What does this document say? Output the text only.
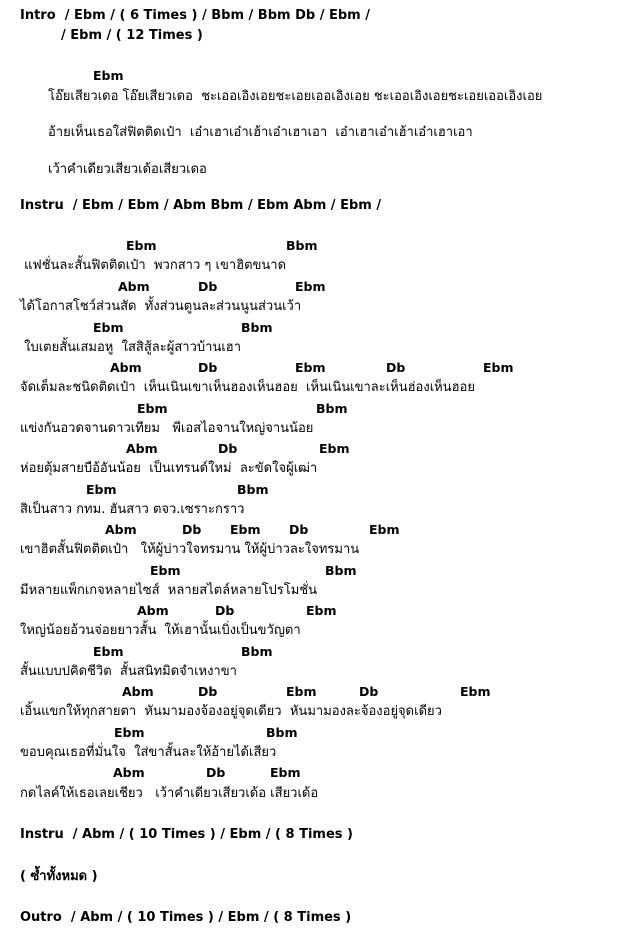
Intro  / Ebm / ( 6 Times ) / Bbm / Bbm Db / Ebm /
/ Ebm / ( 12 Times )
Ebm
โอ๊ยเสียวเดอ โอ๊ยเสียวเดอ  ชะเออเอิงเอยชะเอยเออเอิงเอย ชะเออเอิงเอยชะเอยเออเอิงเอย
อ้ายเห็นเธอใส่ฟิตติดเป๋า  เอ๋าเฮาเอ๋าเฮ้าเอ๋าเฮาเอา  เอ๋าเฮาเอ๋าเฮ้าเอ๋าเฮาเอา
เว้าคำเดียวเสียวเด้อเสียวเดอ
Instru  / Ebm / Ebm / Abm Bbm / Ebm Abm / Ebm /
Ebm	Bbm
แฟชั่นละสั้นฟิตติดเป๋า  พวกสาว ๆ เขาฮิตขนาด
Abm	Db	Ebm
ได้โอกาสโชว์ส่วนสัด  ทั้งส่วนตูนละส่วนนูนส่วนเว้า
Ebm	Bbm
ใบเตยสั้นเสมอหู  ใสสิสู้ละผู้สาวบ้านเฮา
Abm	Db	Ebm	Db	Ebm
จัดเต็มละชนิดติดเป๋า  เห็นเนินเขาเห็นฮองเห็นฮอย  เห็นเนินเขาละเห็นฮ่องเห็นฮอย
Ebm	Bbm
แข่งกันอวดจานดาวเทียม   พีเอสไอจานใหญ่จานน้อย
Abm	Db	Ebm
ห่อยตุ้มสายบือ้อันน้อย  เป็นเทรนด์ใหม่  ละขัดใจผู้เฒ่า
Ebm	Bbm
สิเป็นสาว กทม. ฮันสาว ตจว.เซราะกราว
Abm	Db Ebm Db	Ebm
เขาฮิตสั้นฟิตติดเป๋า   ให้ผู้บ่าวใจทรมาน ให้ผู้บ่าวละใจทรมาน
Ebm	Bbm
มีหลายแพ็กเกจหลายไซส์  หลายสไตล์หลายโปรโมชั่น
Abm	Db	Ebm
ใหญ่น้อยอ้วนจ่อยยาวสั้น  ให้เฮานั้นเบิ่งเป็นขวัญตา
Ebm	Bbm
สั้นแบบปคิดชีวิต  สั้นสนิทมิดจำเหงาขา
Abm	Db	Ebm	Db	Ebm
เอิ้นแขกให้ทุกสายตา  หันมามองจ้องอยู่จุดเดียว  หันมามองละจ้องอยู่จุดเดียว
Ebm	Bbm
ขอบคุณเธอที่มั่นใจ  ใส่ขาสั้นละให้อ้ายได้เสียว
Abm	Db	Ebm
กดไลค์ให้เธอเลยเชียว   เว้าคำเดียวเสียวเด้อ เสียวเด้อ
Instru  / Abm / ( 10 Times ) / Ebm / ( 8 Times )
( ซ้ำทั้งหมด )
Outro  / Abm / ( 10 Times ) / Ebm / ( 8 Times )
